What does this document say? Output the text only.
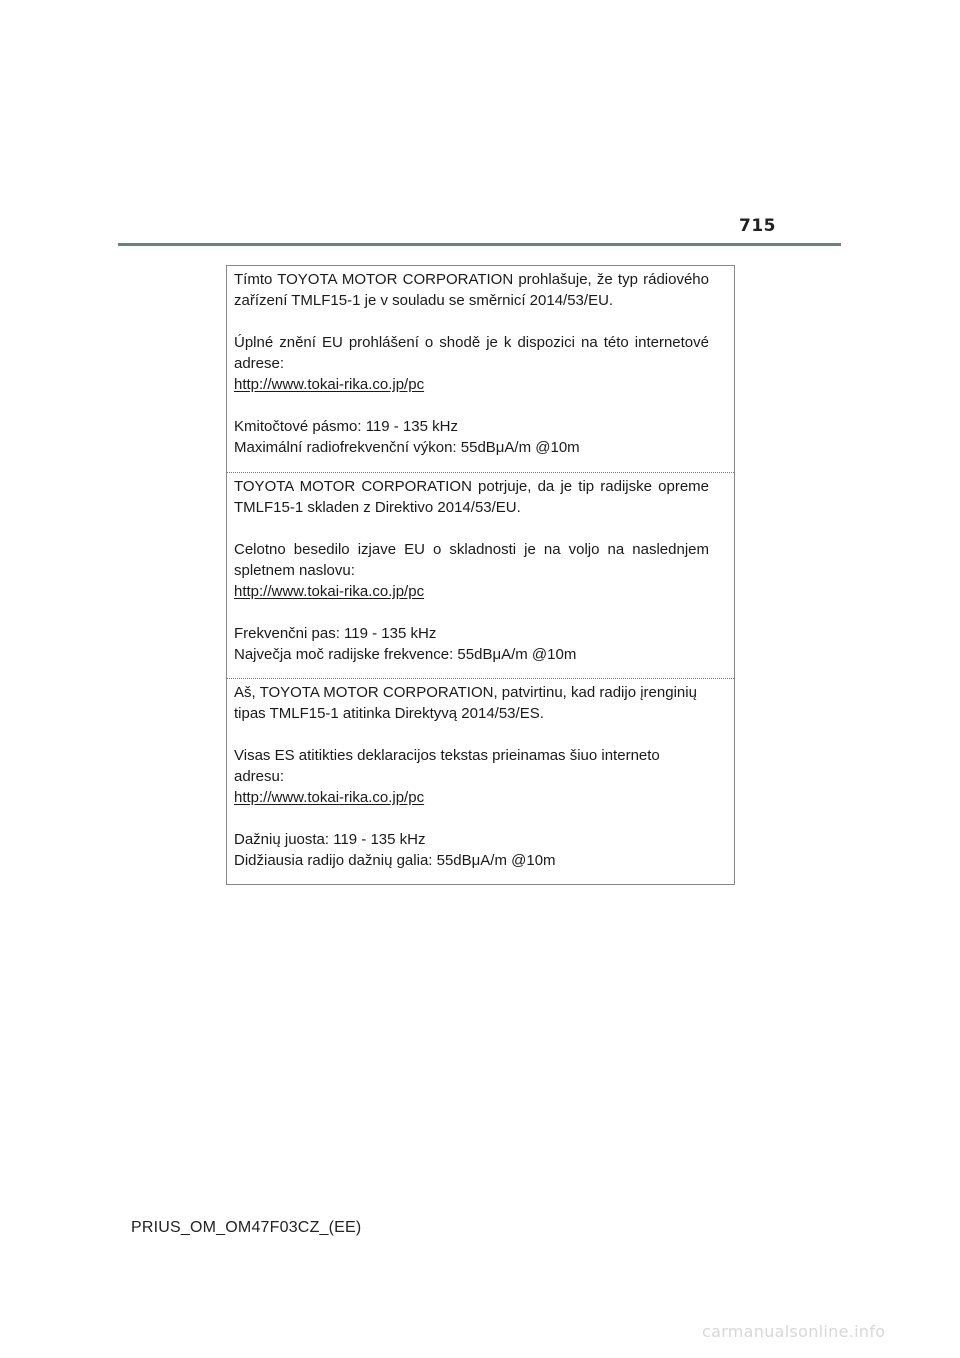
715

Tímto TOYOTA MOTOR CORPORATION prohlašuje, že typ rádiového zařízení TMLF15-1 je v souladu se směrnicí 2014/53/EU.

Úplné znění EU prohlášení o shodě je k dispozici na této internetové adrese:

http://www.tokai-rika.co.jp/pc

Kmitočtové pásmo: 119 - 135 kHz

Maximální radiofrekvenční výkon: 55dBμA/m @10m

TOYOTA MOTOR CORPORATION potrjuje, da je tip radijske opreme TMLF15-1 skladen z Direktivo 2014/53/EU.

Celotno besedilo izjave EU o skladnosti je na voljo na naslednjem spletnem naslovu:

http://www.tokai-rika.co.jp/pc

Frekvenčni pas: 119 - 135 kHz

Največja moč radijske frekvence: 55dBμA/m @10m

Aš, TOYOTA MOTOR CORPORATION, patvirtinu, kad radijo įrenginių tipas TMLF15-1 atitinka Direktyvą 2014/53/ES.

Visas ES atitikties deklaracijos tekstas prieinamas šiuo interneto adresu:

http://www.tokai-rika.co.jp/pc

Dažnių juosta: 119 - 135 kHz

Didžiausia radijo dažnių galia: 55dBμA/m @10m

PRIUS_OM_OM47F03CZ_(EE)
carmanualsonline.info
